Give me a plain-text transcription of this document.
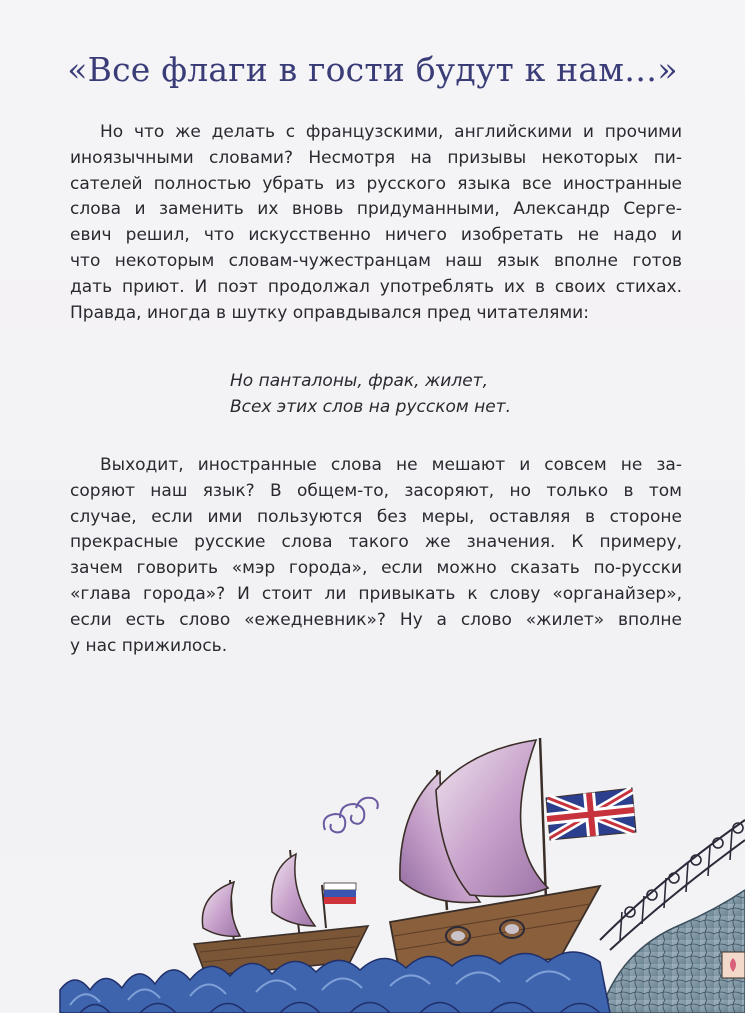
«Все флаги в гости будут к нам…»
Но что же делать с французскими, английскими и прочими
иноязычными словами? Несмотря на призывы некоторых пи-
сателей полностью убрать из русского языка все иностранные
слова и заменить их вновь придуманными, Александр Серге-
евич решил, что искусственно ничего изобретать не надо и
что некоторым словам-чужестранцам наш язык вполне готов
дать приют. И поэт продолжал употреблять их в своих стихах.
Правда, иногда в шутку оправдывался пред читателями:
Но панталоны, фрак, жилет,
Всех этих слов на русском нет.
Выходит, иностранные слова не мешают и совсем не за-
соряют наш язык? В общем-то, засоряют, но только в том
случае, если ими пользуются без меры, оставляя в стороне
прекрасные русские слова такого же значения. К примеру,
зачем говорить «мэр города», если можно сказать по-русски
«глава города»? И стоит ли привыкать к слову «органайзер»,
если есть слово «ежедневник»? Ну а слово «жилет» вполне
у нас прижилось.
